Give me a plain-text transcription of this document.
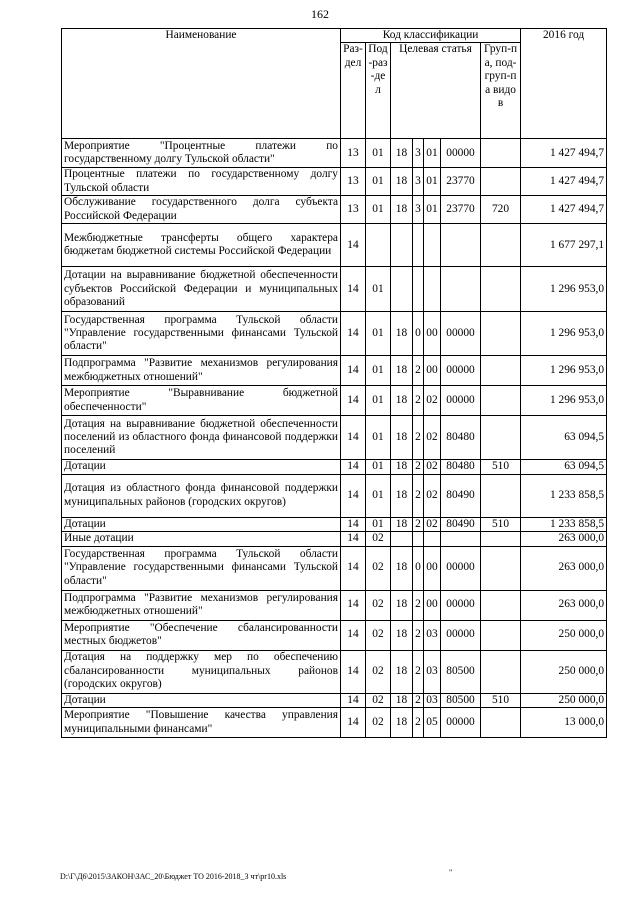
162
Наименование	Код классификации							2016 год
	Раз-дел	Под-раз-дел	Целевая статья				Груп-па, под-груп-па видов	
Мероприятие "Процентные платежи по государственному долгу Тульской области"	13	01	18	3	01	00000		1 427 494,7
Процентные платежи по государственному долгу Тульской области	13	01	18	3	01	23770		1 427 494,7
Обслуживание государственного долга субъекта Российской Федерации	13	01	18	3	01	23770	720	1 427 494,7
Межбюджетные трансферты общего характера бюджетам бюджетной системы Российской Федерации	14							1 677 297,1
Дотации на выравнивание бюджетной обеспеченности субъектов Российской Федерации и муниципальных образований	14	01						1 296 953,0
Государственная программа Тульской области "Управление государственными финансами Тульской области"	14	01	18	0	00	00000		1 296 953,0
Подпрограмма "Развитие механизмов регулирования межбюджетных отношений"	14	01	18	2	00	00000		1 296 953,0
Мероприятие "Выравнивание бюджетной обеспеченности"	14	01	18	2	02	00000		1 296 953,0
Дотация на выравнивание бюджетной обеспеченности поселений из областного фонда финансовой поддержки поселений	14	01	18	2	02	80480		63 094,5
Дотации	14	01	18	2	02	80480	510	63 094,5
Дотация из областного фонда финансовой поддержки муниципальных районов (городских округов)	14	01	18	2	02	80490		1 233 858,5
Дотации	14	01	18	2	02	80490	510	1 233 858,5
Иные дотации	14	02						263 000,0
Государственная программа Тульской области "Управление государственными финансами Тульской области"	14	02	18	0	00	00000		263 000,0
Подпрограмма "Развитие механизмов регулирования межбюджетных отношений"	14	02	18	2	00	00000		263 000,0
Мероприятие "Обеспечение сбалансированности местных бюджетов"	14	02	18	2	03	00000		250 000,0
Дотация на поддержку мер по обеспечению сбалансированности муниципальных районов (городских округов)	14	02	18	2	03	80500		250 000,0
Дотации	14	02	18	2	03	80500	510	250 000,0
Мероприятие "Повышение качества управления муниципальными финансами"	14	02	18	2	05	00000		13 000,0
D:\Г\Д6\2015\ЗАКОН\ЗАС_20\Бюджет ТО 2016-2018_3 чт\pr10.xls	"
